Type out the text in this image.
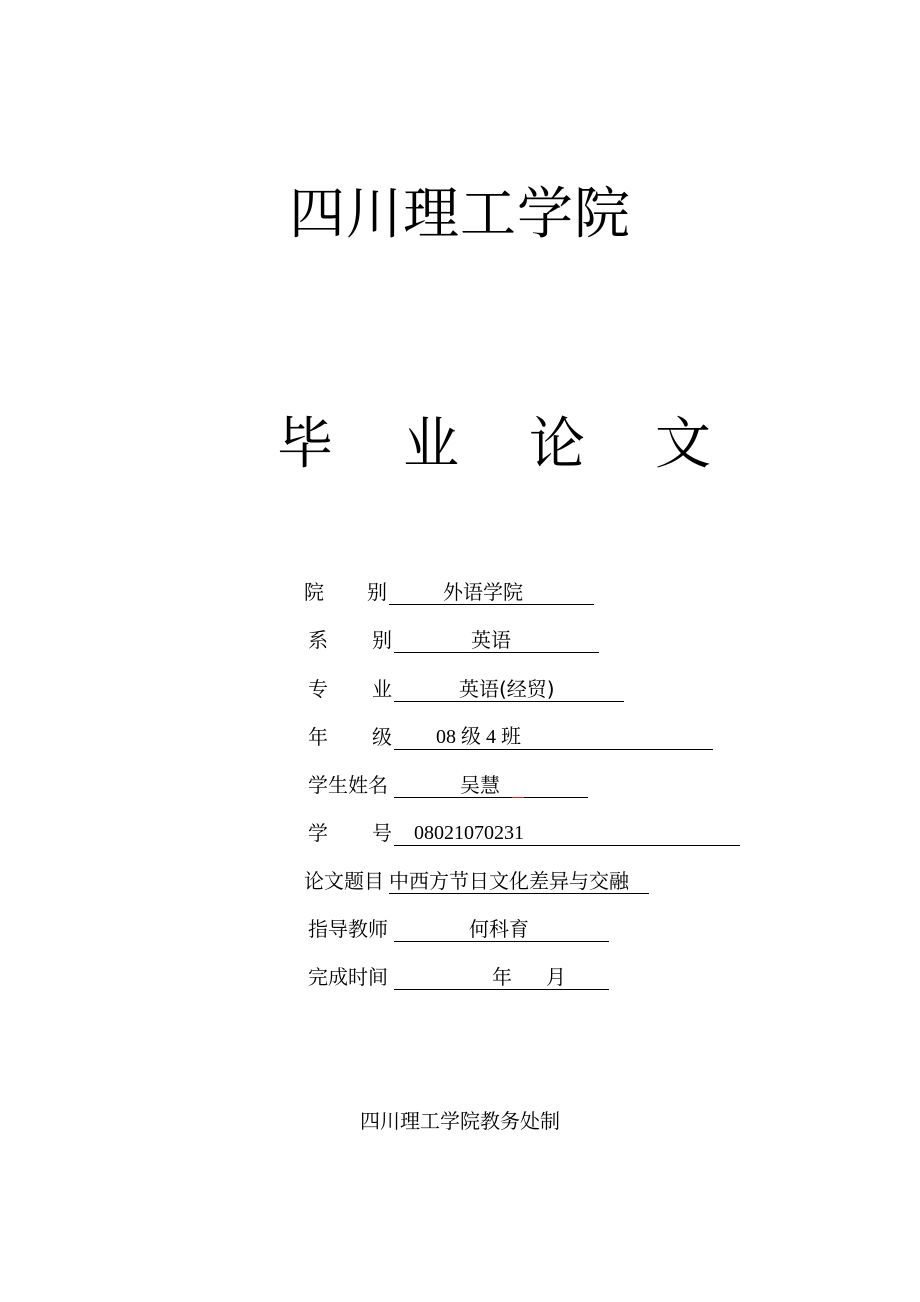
四川理工学院
毕 业 论 文
院 别	外语学院
系 别	英语
专 业	英语(经贸)
年 级 08 级 4 班
学生姓名	吴慧
学 号 08021070231
论文题目 中西方节日文化差异与交融
指导教师	何科育
完成时间	年 月
四川理工学院教务处制
